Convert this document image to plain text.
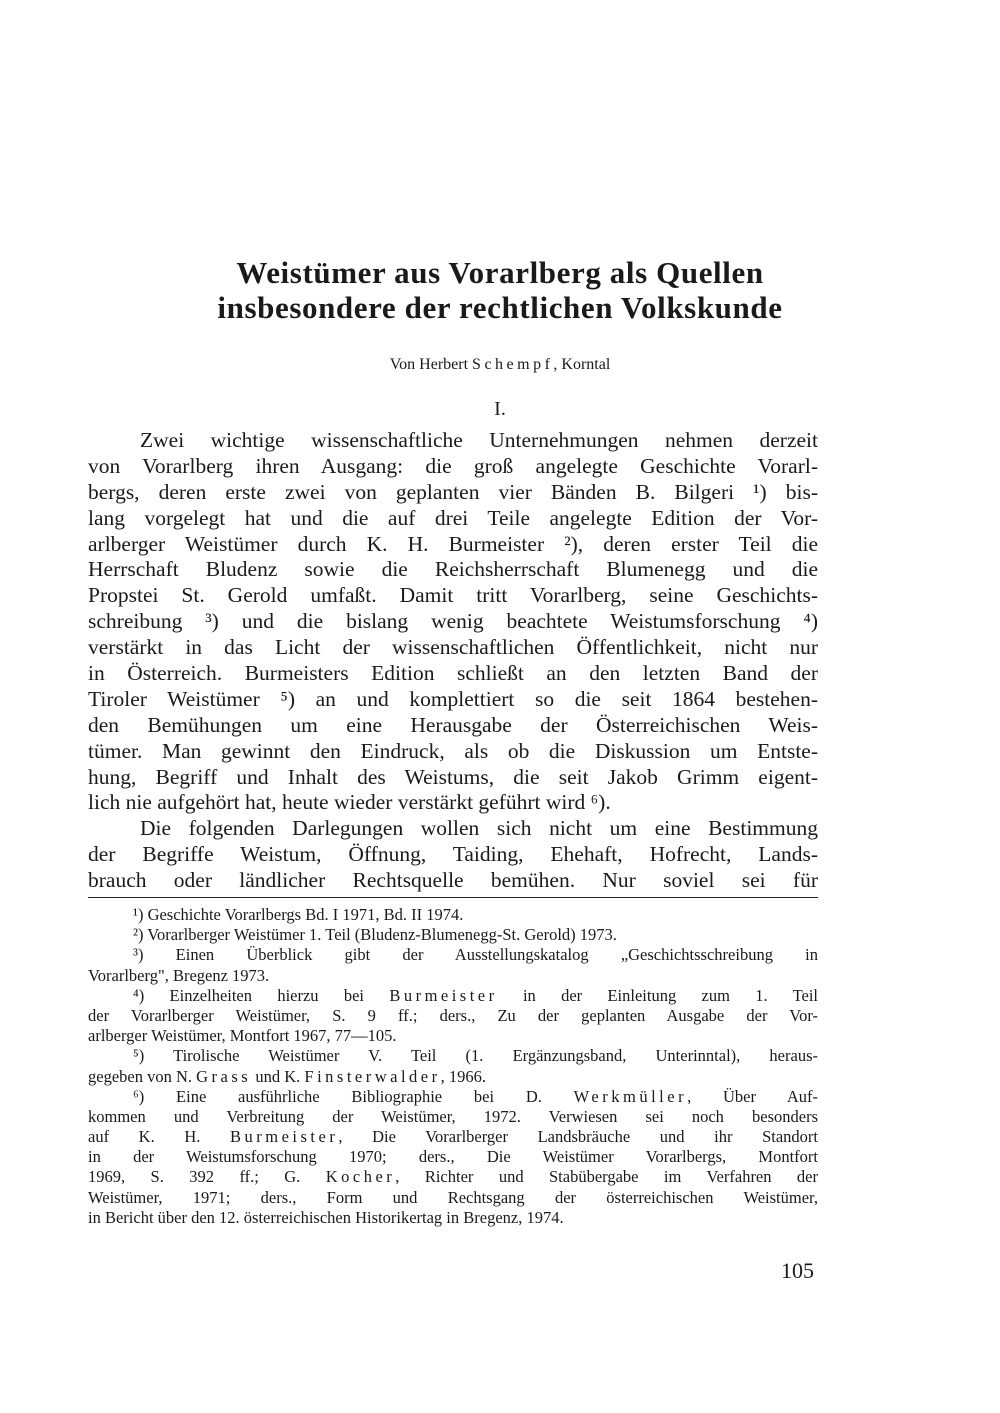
Weistümer aus Vorarlberg als Quellen
insbesondere der rechtlichen Volkskunde
Von Herbert Schempf, Korntal
I.
Zwei wichtige wissenschaftliche Unternehmungen nehmen derzeit
von Vorarlberg ihren Ausgang: die groß angelegte Geschichte Vorarl-
bergs, deren erste zwei von geplanten vier Bänden B. Bilgeri ¹) bis-
lang vorgelegt hat und die auf drei Teile angelegte Edition der Vor-
arlberger Weistümer durch K. H. Burmeister ²), deren erster Teil die
Herrschaft Bludenz sowie die Reichsherrschaft Blumenegg und die
Propstei St. Gerold umfaßt. Damit tritt Vorarlberg, seine Geschichts-
schreibung ³) und die bislang wenig beachtete Weistumsforschung ⁴)
verstärkt in das Licht der wissenschaftlichen Öffentlichkeit, nicht nur
in Österreich. Burmeisters Edition schließt an den letzten Band der
Tiroler Weistümer ⁵) an und komplettiert so die seit 1864 bestehen-
den Bemühungen um eine Herausgabe der Österreichischen Weis-
tümer. Man gewinnt den Eindruck, als ob die Diskussion um Entste-
hung, Begriff und Inhalt des Weistums, die seit Jakob Grimm eigent-
lich nie aufgehört hat, heute wieder verstärkt geführt wird ⁶).
Die folgenden Darlegungen wollen sich nicht um eine Bestimmung
der Begriffe Weistum, Öffnung, Taiding, Ehehaft, Hofrecht, Lands-
brauch oder ländlicher Rechtsquelle bemühen. Nur soviel sei für
¹) Geschichte Vorarlbergs Bd. I 1971, Bd. II 1974.
²) Vorarlberger Weistümer 1. Teil (Bludenz-Blumenegg-St. Gerold) 1973.
³) Einen Überblick gibt der Ausstellungskatalog „Geschichtsschreibung in
Vorarlberg", Bregenz 1973.
⁴) Einzelheiten hierzu bei Burmeister in der Einleitung zum 1. Teil
der Vorarlberger Weistümer, S. 9 ff.; ders., Zu der geplanten Ausgabe der Vor-
arlberger Weistümer, Montfort 1967, 77—105.
⁵) Tirolische Weistümer V. Teil (1. Ergänzungsband, Unterinntal), heraus-
gegeben von N. Grass und K. Finsterwalder, 1966.
⁶) Eine ausführliche Bibliographie bei D. Werkmüller, Über Auf-
kommen und Verbreitung der Weistümer, 1972. Verwiesen sei noch besonders
auf K. H. Burmeister, Die Vorarlberger Landsbräuche und ihr Standort
in der Weistumsforschung 1970; ders., Die Weistümer Vorarlbergs, Montfort
1969, S. 392 ff.; G. Kocher, Richter und Stabübergabe im Verfahren der
Weistümer, 1971; ders., Form und Rechtsgang der österreichischen Weistümer,
in Bericht über den 12. österreichischen Historikertag in Bregenz, 1974.
105
